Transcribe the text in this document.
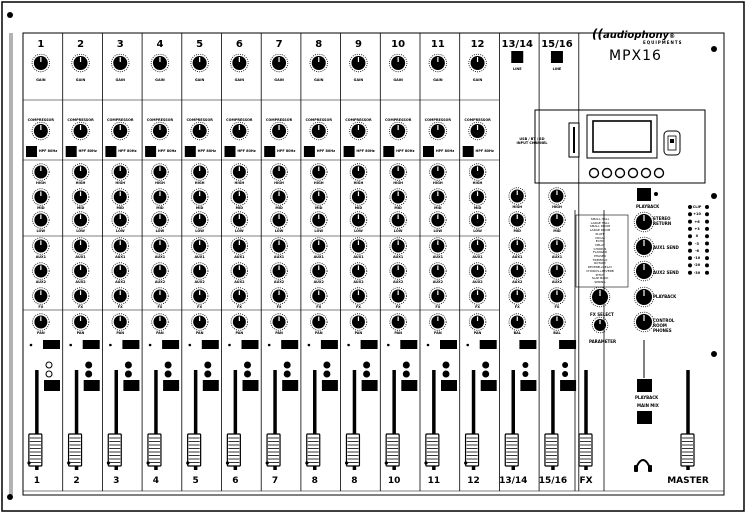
((audiophony®
EQUIPMENTS
MPX16
USB / BT / SD INPUT CHANNEL
PLAYBACK
STEREO RETURN
AUX1 SEND
AUX2 SEND
PLAYBACK
CONTROL ROOM PHONES
PLAYBACK
MAIN MIX
FX SELECT
PARAMETER
1
GAIN
COMPRESSOR
HPF 80Hz
HIGH
MID
LOW
AUX1
AUX2
FX
PAN
1
2
GAIN
COMPRESSOR
HPF 80Hz
HIGH
MID
LOW
AUX1
AUX2
FX
PAN
2
3
GAIN
COMPRESSOR
HPF 80Hz
HIGH
MID
LOW
AUX1
AUX2
FX
PAN
3
4
GAIN
COMPRESSOR
HPF 80Hz
HIGH
MID
LOW
AUX1
AUX2
FX
PAN
4
5
GAIN
COMPRESSOR
HPF 80Hz
HIGH
MID
LOW
AUX1
AUX2
FX
PAN
5
6
GAIN
COMPRESSOR
HPF 80Hz
HIGH
MID
LOW
AUX1
AUX2
FX
PAN
6
7
GAIN
COMPRESSOR
HPF 80Hz
HIGH
MID
LOW
AUX1
AUX2
FX
PAN
7
8
GAIN
COMPRESSOR
HPF 80Hz
HIGH
MID
LOW
AUX1
AUX2
FX
PAN
8
9
GAIN
COMPRESSOR
HPF 80Hz
HIGH
MID
LOW
AUX1
AUX2
FX
PAN
8
10
GAIN
COMPRESSOR
HPF 80Hz
HIGH
MID
LOW
AUX1
AUX2
FX
PAN
10
11
GAIN
COMPRESSOR
HPF 80Hz
HIGH
MID
LOW
AUX1
AUX2
FX
PAN
11
12
GAIN
COMPRESSOR
HPF 80Hz
HIGH
MID
LOW
AUX1
AUX2
FX
PAN
12
13/14
LINE
HIGH
MID
AUX1
AUX2
FX
BAL
13/14
15/16
LINE
HIGH
MID
AUX1
AUX2
FX
BAL
15/16 FX	MASTER
CLIP
+10
+6
+3
0
-3
-6
-10
-20
-30
SMALL HALL
LARGE HALL
SMALL ROOM
LARGE ROOM
PLATE
VOCAL
ECHO
DELAY
CHORUS
FLANGER
PHASER
TREMOLO
ROTARY
REVERB+DELAY
CHORUS+REVERB
PITCH
SLAP BACK
SPRING
